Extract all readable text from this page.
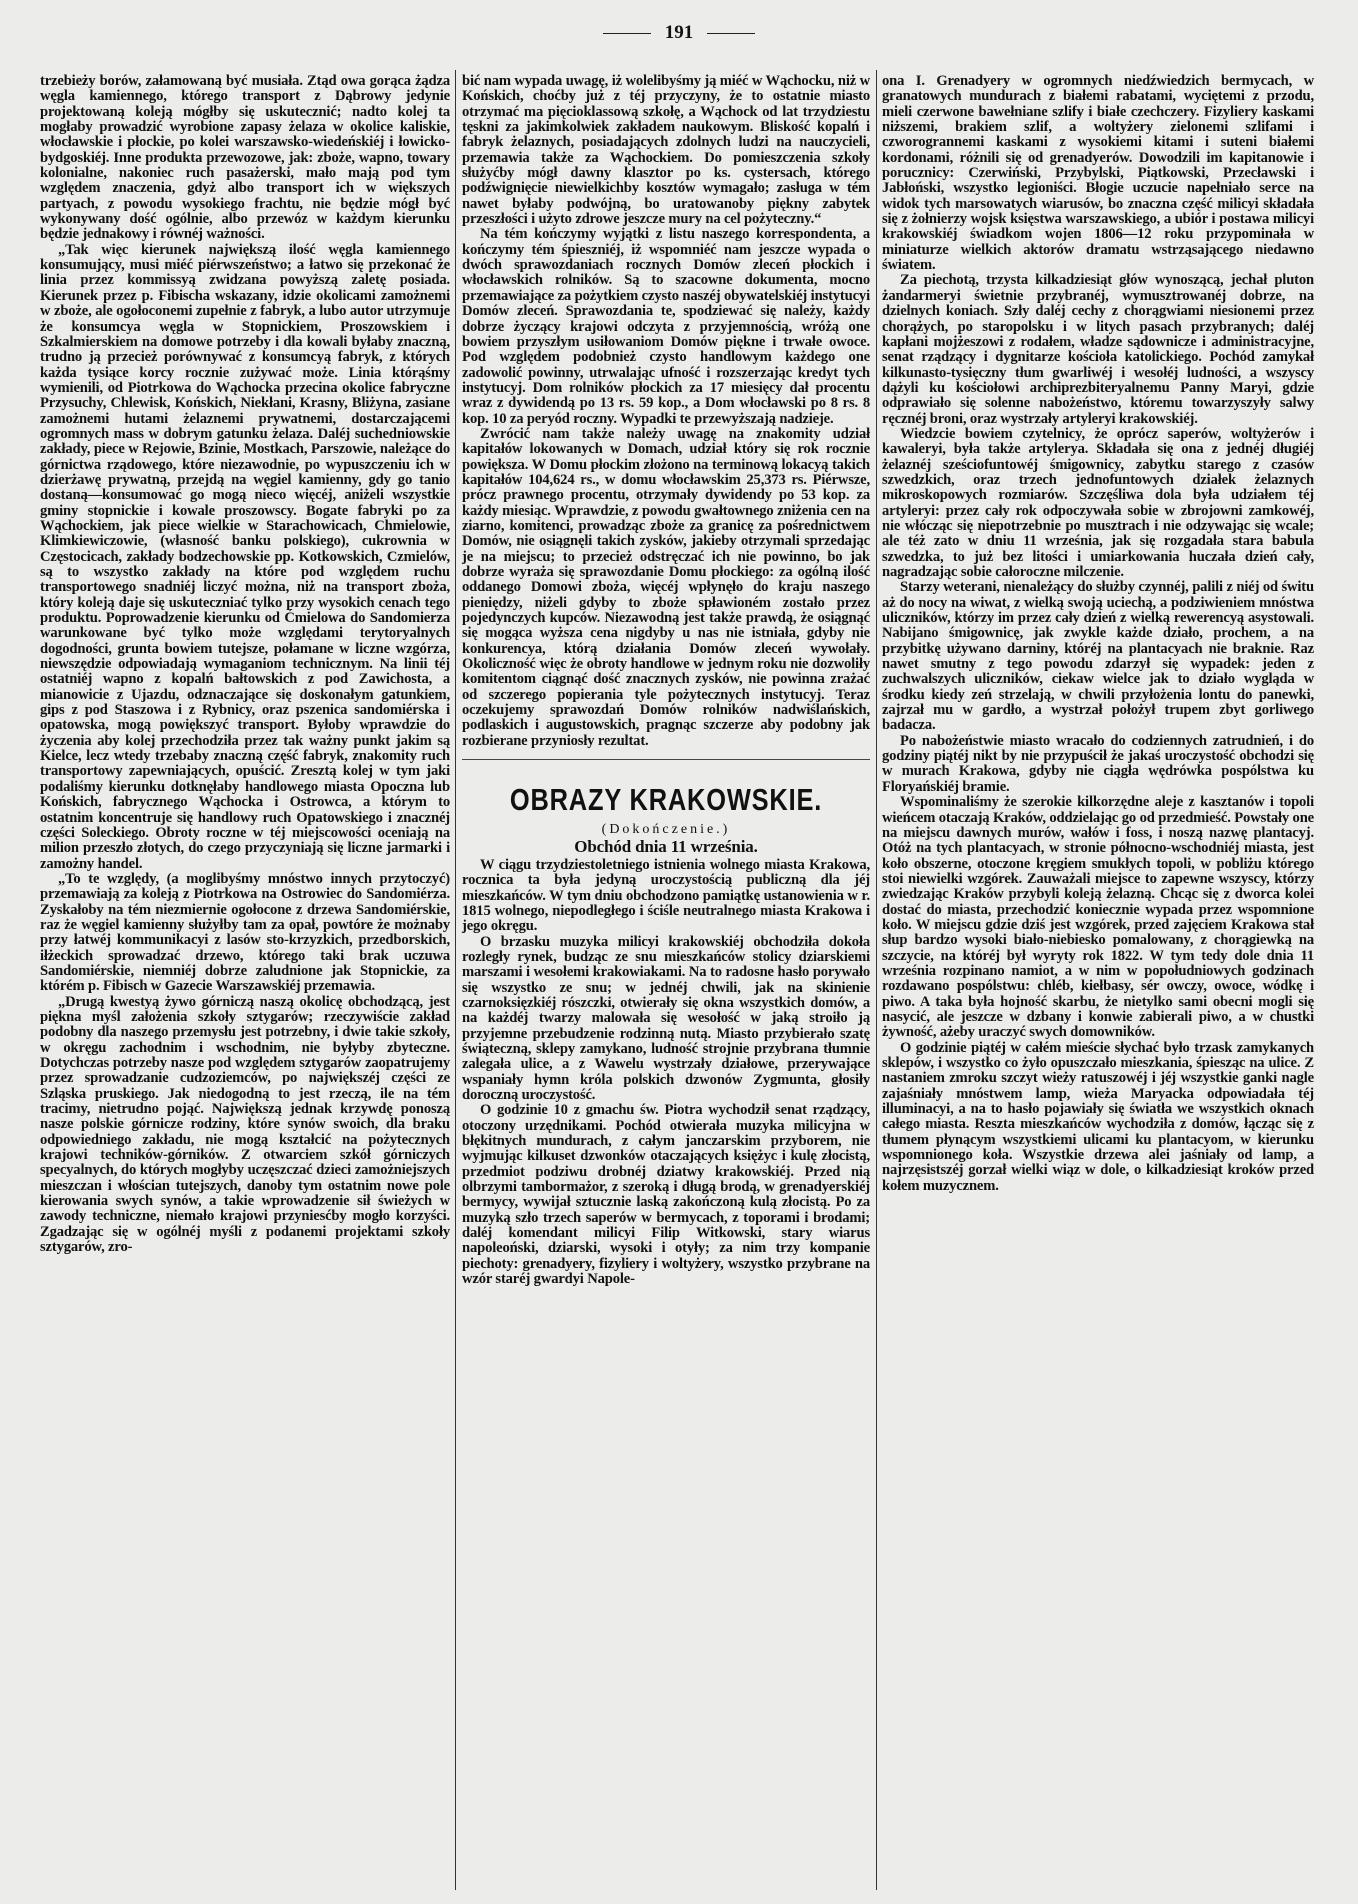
191

trzebieży borów, załamowaną być musiała. Ztąd owa gorąca żądza węgla kamiennego, którego transport z Dąbrowy jedynie projektowaną koleją mógłby się uskutecznić; nadto kolej ta mogłaby prowadzić wyrobione zapasy żelaza w okolice kaliskie, włocławskie i płockie, po kolei warszawsko-wiedeńskiéj i łowicko-bydgoskiéj. Inne produkta przewozowe, jak: zboże, wapno, towary kolonialne, nakoniec ruch pasażerski, mało mają pod tym względem znaczenia, gdyż albo transport ich w większych partyach, z powodu wysokiego frachtu, nie będzie mógł być wykonywany dość ogólnie, albo przewóz w każdym kierunku będzie jednakowy i równéj ważności.

„Tak więc kierunek największą ilość węgla kamiennego konsumujący, musi miéć piérwszeństwo; a łatwo się przekonać że linia przez kommissyą zwidzana powyższą zaletę posiada. Kierunek przez p. Fibischa wskazany, idzie okolicami zamożnemi w zboże, ale ogołoconemi zupełnie z fabryk, a lubo autor utrzymuje że konsumcya węgla w Stopnickiem, Proszowskiem i Szkalmierskiem na domowe potrzeby i dla kowali byłaby znaczną, trudno ją przecież porównywać z konsumcyą fabryk, z których każda tysiące korcy rocznie zużywać może. Linia którąśmy wymienili, od Piotrkowa do Wąchocka przecina okolice fabryczne Przysuchy, Chlewisk, Końskich, Niekłani, Krasny, Bliżyna, zasiane zamożnemi hutami żelaznemi prywatnemi, dostarczającemi ogromnych mass w dobrym gatunku żelaza. Daléj suchedniowskie zakłady, piece w Rejowie, Bzinie, Mostkach, Parszowie, należące do górnictwa rządowego, które niezawodnie, po wypuszczeniu ich w dzierżawę prywatną, przejdą na węgiel kamienny, gdy go tanio dostaną—konsumować go mogą nieco więcéj, aniżeli wszystkie gminy stopnickie i kowale proszowscy. Bogate fabryki po za Wąchockiem, jak piece wielkie w Starachowicach, Chmielowie, Klimkiewiczowie, (własność banku polskiego), cukrownia w Częstocicach, zakłady bodzechowskie pp. Kotkowskich, Czmielów, są to wszystko zakłady na które pod względem ruchu transportowego snadniéj liczyć można, niż na transport zboża, który koleją daje się uskuteczniać tylko przy wysokich cenach tego produktu. Poprowadzenie kierunku od Ćmielowa do Sandomierza warunkowane być tylko może względami terytoryalnych dogodności, grunta bowiem tutejsze, połamane w liczne wzgórza, niewszędzie odpowiadają wymaganiom technicznym. Na linii téj ostatniéj wapno z kopalń bałtowskich z pod Zawichosta, a mianowicie z Ujazdu, odznaczające się doskonałym gatunkiem, gips z pod Staszowa i z Rybnicy, oraz pszenica sandomiérska i opatowska, mogą powiększyć transport. Byłoby wprawdzie do życzenia aby kolej przechodziła przez tak ważny punkt jakim są Kielce, lecz wtedy trzebaby znaczną część fabryk, znakomity ruch transportowy zapewniających, opuścić. Zresztą kolej w tym jaki podaliśmy kierunku dotknęłaby handlowego miasta Opoczna lub Końskich, fabrycznego Wąchocka i Ostrowca, a którym to ostatnim koncentruje się handlowy ruch Opatowskiego i znacznéj części Soleckiego. Obroty roczne w téj miejscowości oceniają na milion przeszło złotych, do czego przyczyniają się liczne jarmarki i zamożny handel.

„To te względy, (a moglibyśmy mnóstwo innych przytoczyć) przemawiają za koleją z Piotrkowa na Ostrowiec do Sandomiérza. Zyskałoby na tém niezmiernie ogołocone z drzewa Sandomiérskie, raz że węgiel kamienny służyłby tam za opał, powtóre że możnaby przy łatwéj kommunikacyi z lasów sto-krzyzkich, przedborskich, iłżeckich sprowadzać drzewo, którego taki brak uczuwa Sandomiérskie, niemniéj dobrze zaludnione jak Stopnickie, za którém p. Fibisch w Gazecie Warszawskiéj przemawia.

„Drugą kwestyą żywo górniczą naszą okolicę obchodzącą, jest piękna myśl założenia szkoły sztygarów; rzeczywiście zakład podobny dla naszego przemysłu jest potrzebny, i dwie takie szkoły, w okręgu zachodnim i wschodnim, nie byłyby zbyteczne. Dotychczas potrzeby nasze pod względem sztygarów zaopatrujemy przez sprowadzanie cudzoziemców, po największéj części ze Szląska pruskiego. Jak niedogodną to jest rzeczą, ile na tém tracimy, nietrudno pojąć. Największą jednak krzywdę ponoszą nasze polskie górnicze rodziny, które synów swoich, dla braku odpowiedniego zakładu, nie mogą kształcić na pożytecznych krajowi techników-górników. Z otwarciem szkół górniczych specyalnych, do których mogłyby uczęszczać dzieci zamożniejszych mieszczan i włościan tutejszych, danoby tym ostatnim nowe pole kierowania swych synów, a takie wprowadzenie sił świeżych w zawody techniczne, niemało krajowi przyniesćby mogło korzyści. Zgadzając się w ogólnéj myśli z podanemi projektami szkoły sztygarów, zro-

bić nam wypada uwagę, iż wolelibyśmy ją miéć w Wąchocku, niż w Końskich, choćby już z téj przyczyny, że to ostatnie miasto otrzymać ma pięcioklassową szkołę, a Wąchock od lat trzydziestu tęskni za jakimkolwiek zakładem naukowym. Bliskość kopalń i fabryk żelaznych, posiadających zdolnych ludzi na nauczycieli, przemawia także za Wąchockiem. Do pomieszczenia szkoły służyćby mógł dawny klasztor po ks. cystersach, którego podźwignięcie niewielkichby kosztów wymagało; zasługa w tém nawet byłaby podwójną, bo uratowanoby piękny zabytek przeszłości i użyto zdrowe jeszcze mury na cel pożyteczny.“

Na tém kończymy wyjątki z listu naszego korrespondenta, a kończymy tém śpieszniéj, iż wspomniéć nam jeszcze wypada o dwóch sprawozdaniach rocznych Domów zleceń płockich i włocławskich rolników. Są to szacowne dokumenta, mocno przemawiające za pożytkiem czysto naszéj obywatelskiéj instytucyi Domów zleceń. Sprawozdania te, spodziewać się należy, każdy dobrze życzący krajowi odczyta z przyjemnością, wróżą one bowiem przyszłym usiłowaniom Domów piękne i trwałe owoce. Pod względem podobnież czysto handlowym każdego one zadowolić powinny, utrwalając ufność i rozszerzając kredyt tych instytucyj. Dom rolników płockich za 17 miesięcy dał procentu wraz z dywidendą po 13 rs. 59 kop., a Dom włocławski po 8 rs. 8 kop. 10 za peryód roczny. Wypadki te przewyższają nadzieje.

Zwrócić nam także należy uwagę na znakomity udział kapitałów lokowanych w Domach, udział który się rok rocznie powiększa. W Domu płockim złożono na terminową lokacyą takich kapitałów 104,624 rs., w domu włocławskim 25,373 rs. Piérwsze, prócz prawnego procentu, otrzymały dywidendy po 53 kop. za każdy miesiąc. Wprawdzie, z powodu gwałtownego zniżenia cen na ziarno, komitenci, prowadząc zboże za granicę za pośrednictwem Domów, nie osiągnęli takich zysków, jakieby otrzymali sprzedając je na miejscu; to przecież odstręczać ich nie powinno, bo jak dobrze wyraża się sprawozdanie Domu płockiego: za ogólną ilość oddanego Domowi zboża, więcéj wpłynęło do kraju naszego pieniędzy, niżeli gdyby to zboże spławioném zostało przez pojedynczych kupców. Niezawodną jest także prawdą, że osiągnąć się mogąca wyższa cena nigdyby u nas nie istniała, gdyby nie konkurencya, którą działania Domów zleceń wywołały. Okoliczność więc że obroty handlowe w jednym roku nie dozwoliły komitentom ciągnąć dość znacznych zysków, nie powinna zrażać od szczerego popierania tyle pożytecznych instytucyj. Teraz oczekujemy sprawozdań Domów rolników nadwiślańskich, podlaskich i augustowskich, pragnąc szczerze aby podobny jak rozbierane przyniosły rezultat.

OBRAZY KRAKOWSKIE.
(Dokończenie.)
Obchód dnia 11 września.

W ciągu trzydziestoletniego istnienia wolnego miasta Krakowa, rocznica ta była jedyną uroczystością publiczną dla jéj mieszkańców. W tym dniu obchodzono pamiątkę ustanowienia w r. 1815 wolnego, niepodległego i ściśle neutralnego miasta Krakowa i jego okręgu.

O brzasku muzyka milicyi krakowskiéj obchodziła dokoła rozległy rynek, budząc ze snu mieszkańców stolicy dziarskiemi marszami i wesołemi krakowiakami. Na to radosne hasło porywało się wszystko ze snu; w jednéj chwili, jak na skinienie czarnoksięzkiéj rószczki, otwierały się okna wszystkich domów, a na każdéj twarzy malowała się wesołość w jaką stroiło ją przyjemne przebudzenie rodzinną nutą. Miasto przybierało szatę świąteczną, sklepy zamykano, ludność strojnie przybrana tłumnie zalegała ulice, a z Wawelu wystrzały działowe, przerywające wspaniały hymn króla polskich dzwonów Zygmunta, głosiły doroczną uroczystość.

O godzinie 10 z gmachu św. Piotra wychodził senat rządzący, otoczony urzędnikami. Pochód otwierała muzyka milicyjna w błękitnych mundurach, z całym janczarskim przyborem, nie wyjmując kilkuset dzwonków otaczających księżyc i kulę złocistą, przedmiot podziwu drobnéj dziatwy krakowskiéj. Przed nią olbrzymi tambormażor, z szeroką i długą brodą, w grenadyerskiéj bermycy, wywijał sztucznie laską zakończoną kulą złocistą. Po za muzyką szło trzech saperów w bermycach, z toporami i brodami; daléj komendant milicyi Filip Witkowski, stary wiarus napoleoński, dziarski, wysoki i otyły; za nim trzy kompanie piechoty: grenadyery, fizyliery i woltyżery, wszystko przybrane na wzór staréj gwardyi Napole-

ona I. Grenadyery w ogromnych niedźwiedzich bermycach, w granatowych mundurach z białemi rabatami, wyciętemi z przodu, mieli czerwone bawełniane szlify i białe czechczery. Fizyliery kaskami niższemi, brakiem szlif, a woltyżery zielonemi szlifami i czworogrannemi kaskami z wysokiemi kitami i suteni białemi kordonami, różnili się od grenadyerów. Dowodzili im kapitanowie i porucznicy: Czerwiński, Przybylski, Piątkowski, Przecławski i Jabłoński, wszystko legioniści. Błogie uczucie napełniało serce na widok tych marsowatych wiarusów, bo znaczna część milicyi składała się z żołnierzy wojsk księstwa warszawskiego, a ubiór i postawa milicyi krakowskiéj świadkom wojen 1806—12 roku przypominała w miniaturze wielkich aktorów dramatu wstrząsającego niedawno światem.

Za piechotą, trzysta kilkadziesiąt głów wynoszącą, jechał pluton żandarmeryi świetnie przybranéj, wymusztrowanéj dobrze, na dzielnych koniach. Szły daléj cechy z chorągwiami niesionemi przez chorążych, po staropolsku i w litych pasach przybranych; daléj kapłani mojżeszowi z rodałem, władze sądownicze i administracyjne, senat rządzący i dygnitarze kościoła katolickiego. Pochód zamykał kilkunasto-tysięczny tłum gwarliwéj i wesołéj ludności, a wszyscy dążyli ku kościołowi archiprezbiteryalnemu Panny Maryi, gdzie odprawiało się solenne nabożeństwo, któremu towarzyszyły salwy ręcznéj broni, oraz wystrzały artyleryi krakowskiéj.

Wiedzcie bowiem czytelnicy, że oprócz saperów, woltyżerów i kawaleryi, była także artylerya. Składała się ona z jednéj długiéj żelaznéj sześciofuntowéj śmigownicy, zabytku starego z czasów szwedzkich, oraz trzech jednofuntowych działek żelaznych mikroskopowych rozmiarów. Szczęśliwa dola była udziałem téj artyleryi: przez cały rok odpoczywała sobie w zbrojowni zamkowéj, nie włócząc się niepotrzebnie po musztrach i nie odzywając się wcale; ale téż zato w dniu 11 września, jak się rozgadała stara babula szwedzka, to już bez litości i umiarkowania huczała dzień cały, nagradzając sobie całoroczne milczenie.

Starzy weterani, nienależący do służby czynnéj, palili z niéj od świtu aż do nocy na wiwat, z wielką swoją uciechą, a podziwieniem mnóstwa uliczników, którzy im przez cały dzień z wielką rewerencyą asystowali. Nabijano śmigownicę, jak zwykle każde działo, prochem, a na przybitkę używano darniny, któréj na plantacyach nie braknie. Raz nawet smutny z tego powodu zdarzył się wypadek: jeden z zuchwalszych uliczników, ciekaw wielce jak to działo wygląda w środku kiedy zeń strzelają, w chwili przyłożenia lontu do panewki, zajrzał mu w gardło, a wystrzał położył trupem zbyt gorliwego badacza.

Po nabożeństwie miasto wracało do codziennych zatrudnień, i do godziny piątéj nikt by nie przypuścił że jakaś uroczystość obchodzi się w murach Krakowa, gdyby nie ciągła wędrówka pospólstwa ku Floryańskiéj bramie.

Wspominaliśmy że szerokie kilkorzędne aleje z kasztanów i topoli wieńcem otaczają Kraków, oddzielając go od przedmieść. Powstały one na miejscu dawnych murów, wałów i foss, i noszą nazwę plantacyj. Otóż na tych plantacyach, w stronie północno-wschodniéj miasta, jest koło obszerne, otoczone kręgiem smukłych topoli, w pobliżu którego stoi niewielki wzgórek. Zauważali miejsce to zapewne wszyscy, którzy zwiedzając Kraków przybyli koleją żelazną. Chcąc się z dworca kolei dostać do miasta, przechodzić koniecznie wypada przez wspomnione koło. W miejscu gdzie dziś jest wzgórek, przed zajęciem Krakowa stał słup bardzo wysoki biało-niebiesko pomalowany, z chorągiewką na szczycie, na któréj był wyryty rok 1822. W tym tedy dole dnia 11 września rozpinano namiot, a w nim w popołudniowych godzinach rozdawano pospólstwu: chléb, kiełbasy, sér owczy, owoce, wódkę i piwo. A taka była hojność skarbu, że nietylko sami obecni mogli się nasycić, ale jeszcze w dzbany i konwie zabierali piwo, a w chustki żywność, ażeby uraczyć swych domowników.

O godzinie piątéj w całém mieście słychać było trzask zamykanych sklepów, i wszystko co żyło opuszczało mieszkania, śpiesząc na ulice. Z nastaniem zmroku szczyt wieży ratuszowéj i jéj wszystkie ganki nagle zajaśniały mnóstwem lamp, wieża Maryacka odpowiadała téj illuminacyi, a na to hasło pojawiały się światła we wszystkich oknach całego miasta. Reszta mieszkańców wychodziła z domów, łącząc się z tłumem płynącym wszystkiemi ulicami ku plantacyom, w kierunku wspomnionego koła. Wszystkie drzewa alei jaśniały od lamp, a najrzęsistszéj gorzał wielki wiąz w dole, o kilkadziesiąt kroków przed kołem muzycznem.
